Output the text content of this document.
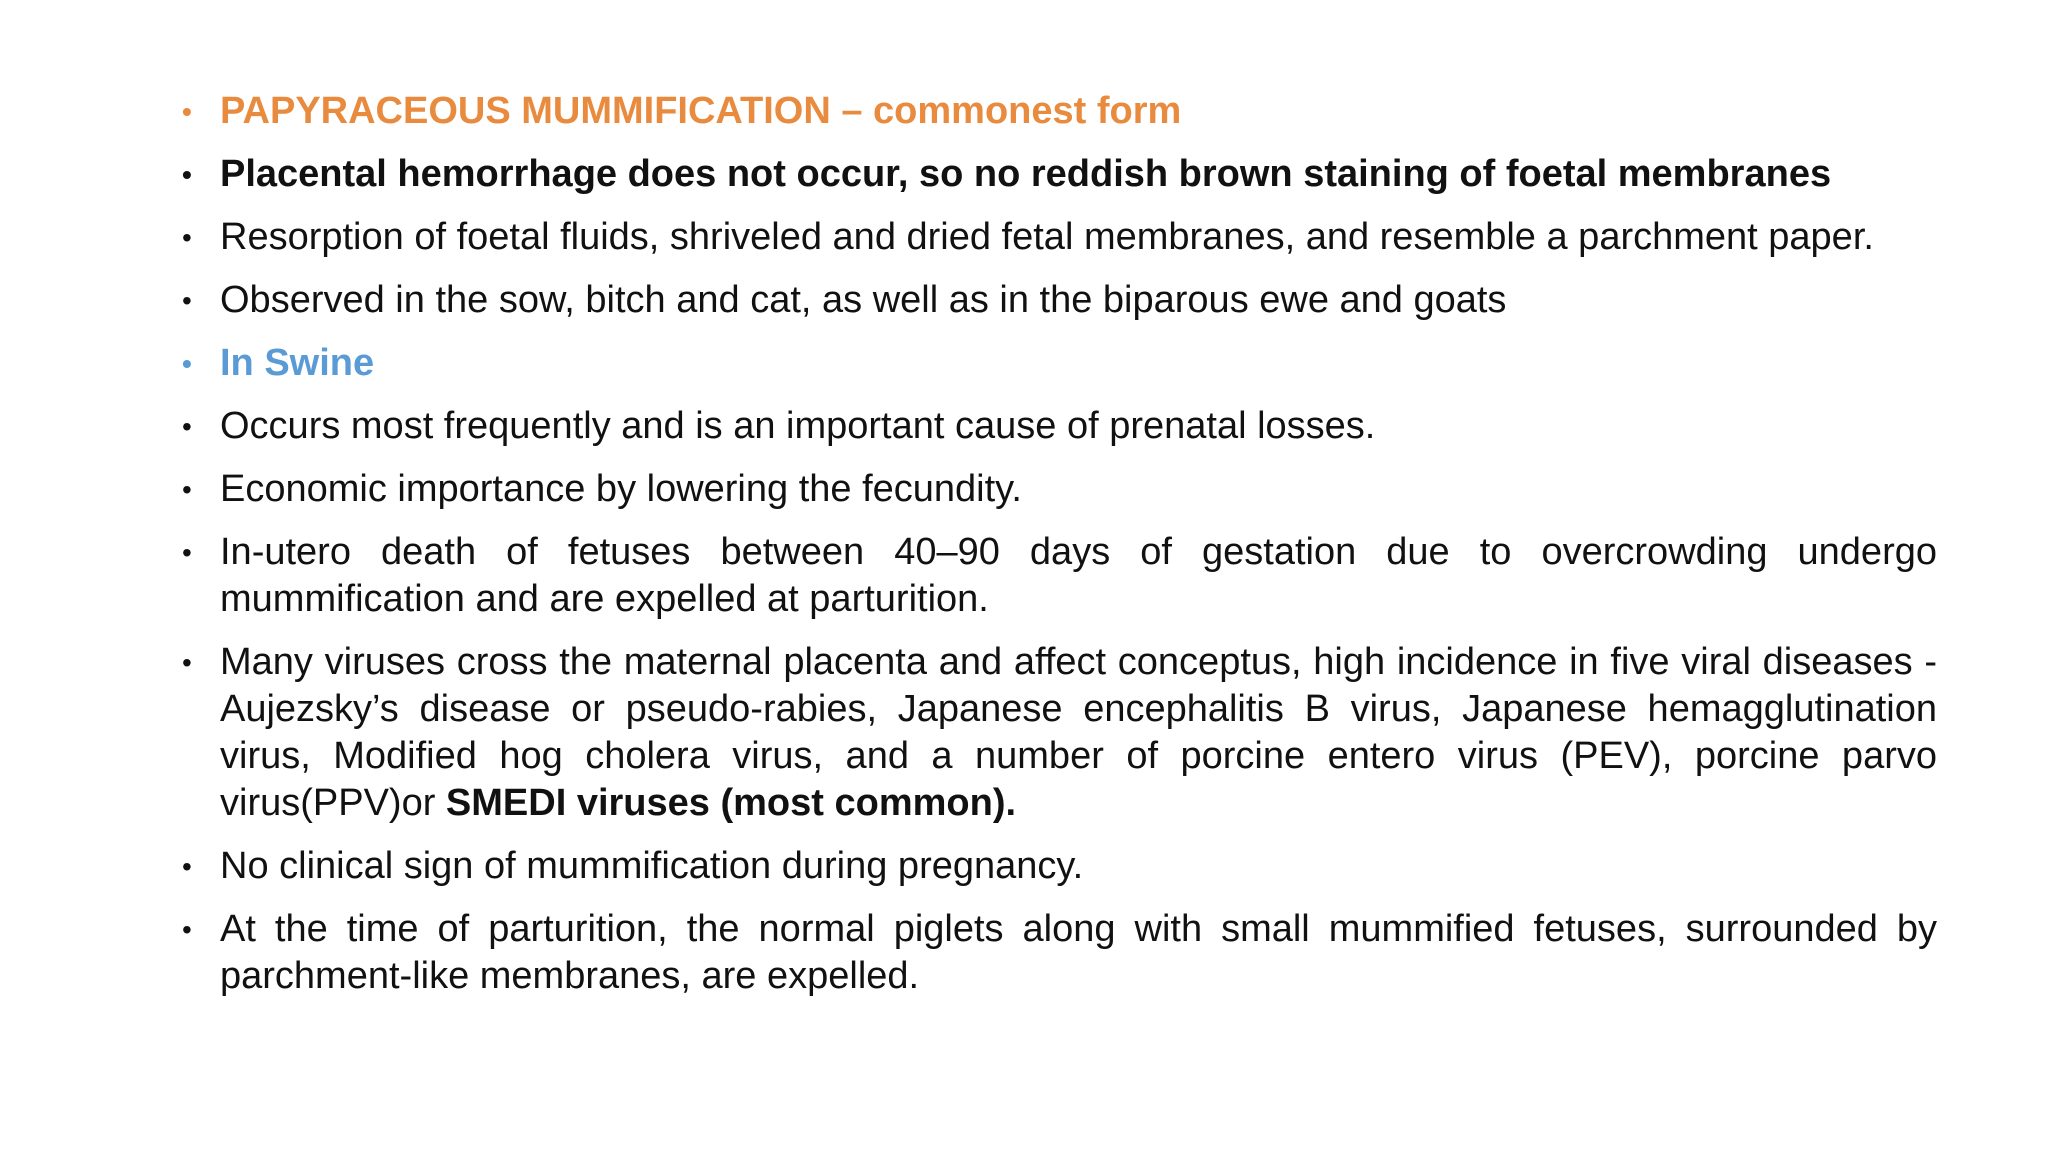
• PAPYRACEOUS MUMMIFICATION – commonest form
• Placental hemorrhage does not occur, so no reddish brown staining of foetal membranes
• Resorption of foetal fluids, shriveled and dried fetal membranes, and resemble a parchment paper.
• Observed in the sow, bitch and cat, as well as in the biparous ewe and goats
• In Swine
• Occurs most frequently and is an important cause of prenatal losses.
• Economic importance by lowering the fecundity.
• In-utero death of fetuses between 40–90 days of gestation due to overcrowding undergo mummification and are expelled at parturition.
• Many viruses cross the maternal placenta and affect conceptus, high incidence in five viral diseases - Aujezsky’s disease or pseudo-rabies, Japanese encephalitis B virus, Japanese hemagglutination virus, Modified hog cholera virus, and a number of porcine entero virus (PEV), porcine parvo virus(PPV)or SMEDI viruses (most common).
• No clinical sign of mummification during pregnancy.
• At the time of parturition, the normal piglets along with small mummified fetuses, surrounded by parchment-like membranes, are expelled.
